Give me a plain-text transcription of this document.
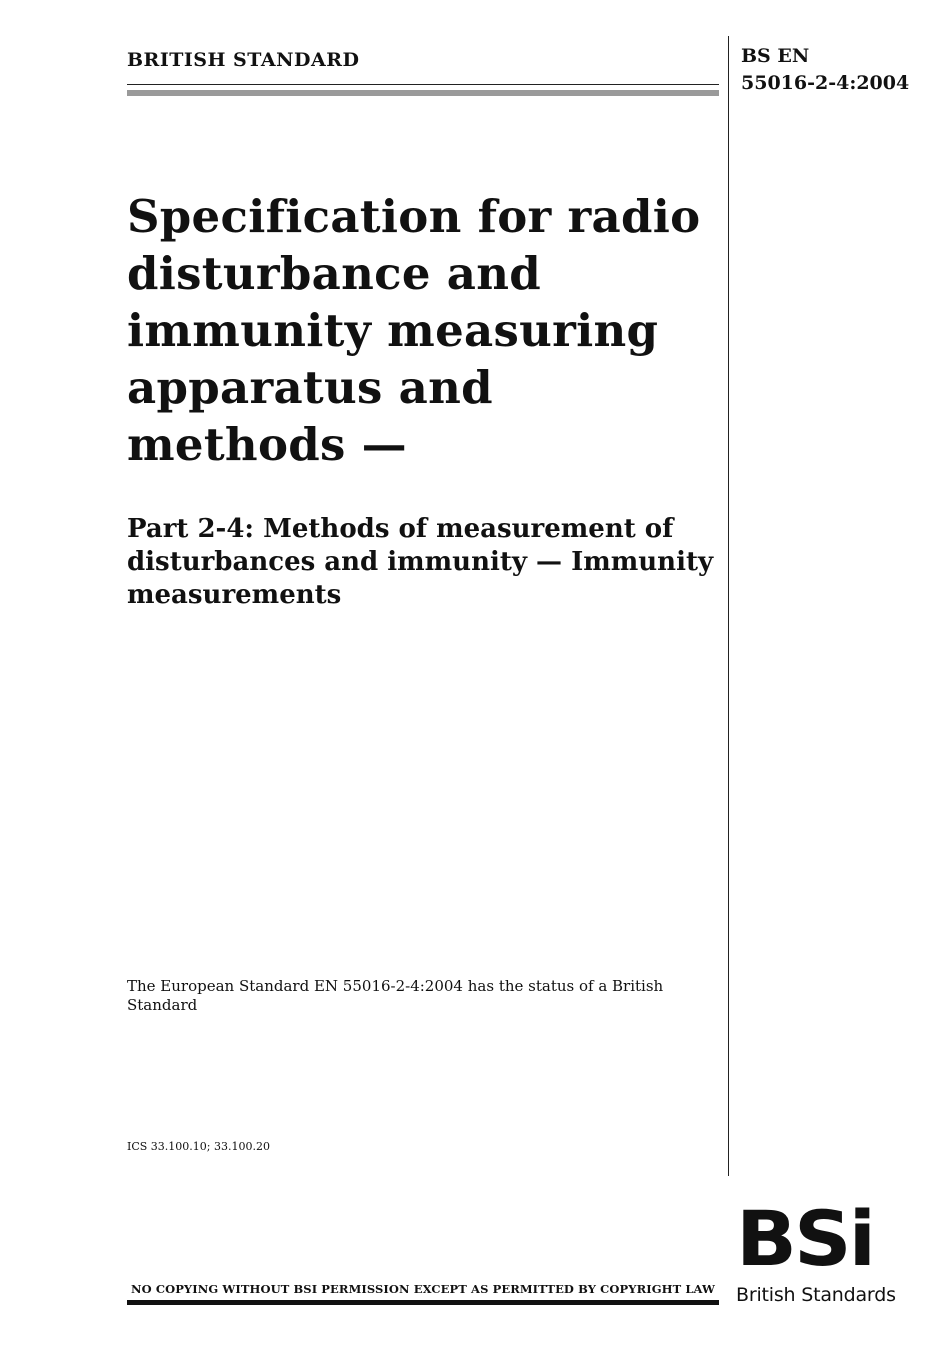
BRITISH STANDARD	BS EN
55016-2-4:2004
Specification for radio disturbance and immunity measuring apparatus and methods —
Part 2-4: Methods of measurement of disturbances and immunity — Immunity measurements
The European Standard EN 55016-2-4:2004 has the status of a British Standard
ICS 33.100.10; 33.100.20
NO COPYING WITHOUT BSI PERMISSION EXCEPT AS PERMITTED BY COPYRIGHT LAW
BSi
British Standards
